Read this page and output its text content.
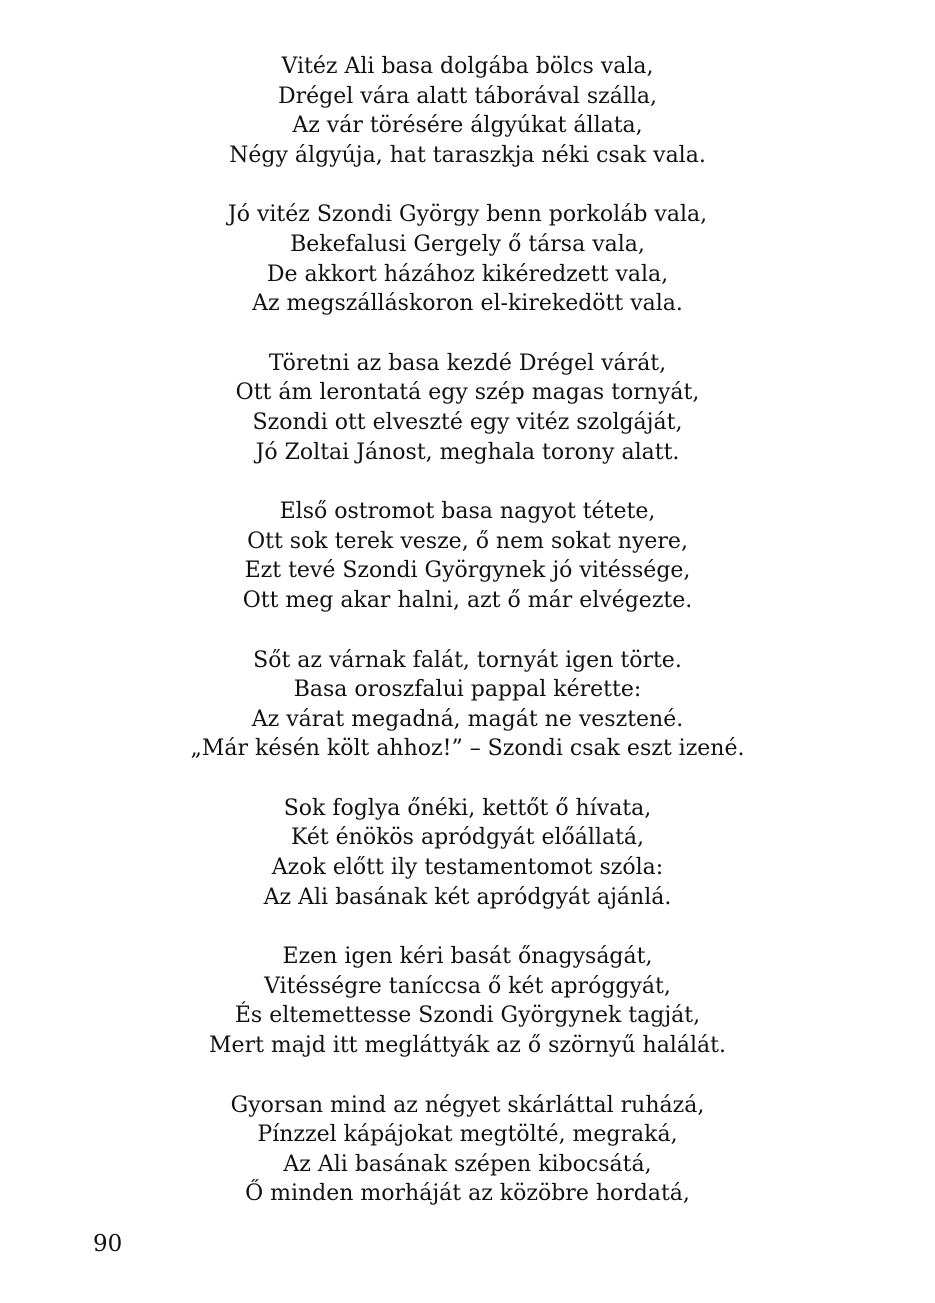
Vitéz Ali basa dolgába bölcs vala,
Drégel vára alatt táborával szálla,
Az vár törésére álgyúkat állata,
Négy álgyúja, hat taraszkja néki csak vala.
Jó vitéz Szondi György benn porkoláb vala,
Bekefalusi Gergely ő társa vala,
De akkort házához kikéredzett vala,
Az megszálláskoron el-kirekedött vala.
Töretni az basa kezdé Drégel várát,
Ott ám lerontatá egy szép magas tornyát,
Szondi ott elveszté egy vitéz szolgáját,
Jó Zoltai Jánost, meghala torony alatt.
Első ostromot basa nagyot tétete,
Ott sok terek vesze, ő nem sokat nyere,
Ezt tevé Szondi Györgynek jó vitéssége,
Ott meg akar halni, azt ő már elvégezte.
Sőt az várnak falát, tornyát igen törte.
Basa oroszfalui pappal kérette:
Az várat megadná, magát ne vesztené.
„Már késén költ ahhoz!” – Szondi csak eszt izené.
Sok foglya őnéki, kettőt ő hívata,
Két énökös apródgyát előállatá,
Azok előtt ily testamentomot szóla:
Az Ali basának két apródgyát ajánlá.
Ezen igen kéri basát őnagyságát,
Vitésségre taníccsa ő két apróggyát,
És eltemettesse Szondi Györgynek tagját,
Mert majd itt megláttyák az ő szörnyű halálát.
Gyorsan mind az négyet skárláttal ruházá,
Pínzzel kápájokat megtölté, megraká,
Az Ali basának szépen kibocsátá,
Ő minden morháját az közöbre hordatá,
90
